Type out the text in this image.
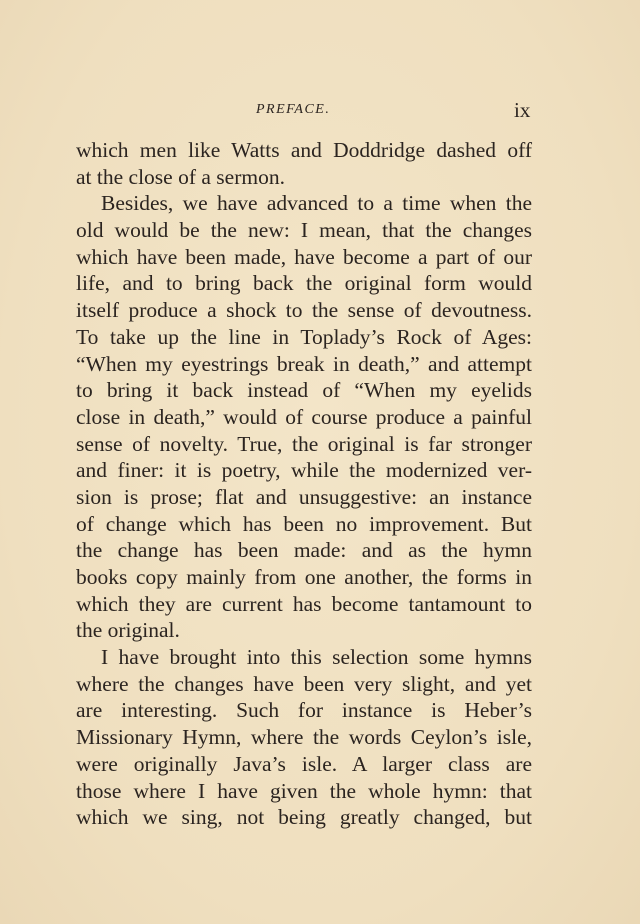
PREFACE.	ix
which men like Watts and Doddridge dashed off
at the close of a sermon.
Besides, we have advanced to a time when the
old would be the new: I mean, that the changes
which have been made, have become a part of our
life, and to bring back the original form would
itself produce a shock to the sense of devoutness.
To take up the line in Toplady’s Rock of Ages:
“When my eyestrings break in death,” and attempt
to bring it back instead of “When my eyelids
close in death,” would of course produce a painful
sense of novelty. True, the original is far stronger
and finer: it is poetry, while the modernized ver-
sion is prose; flat and unsuggestive: an instance
of change which has been no improvement. But
the change has been made: and as the hymn
books copy mainly from one another, the forms in
which they are current has become tantamount to
the original.
I have brought into this selection some hymns
where the changes have been very slight, and yet
are interesting. Such for instance is Heber’s
Missionary Hymn, where the words Ceylon’s isle,
were originally Java’s isle. A larger class are
those where I have given the whole hymn: that
which we sing, not being greatly changed, but
